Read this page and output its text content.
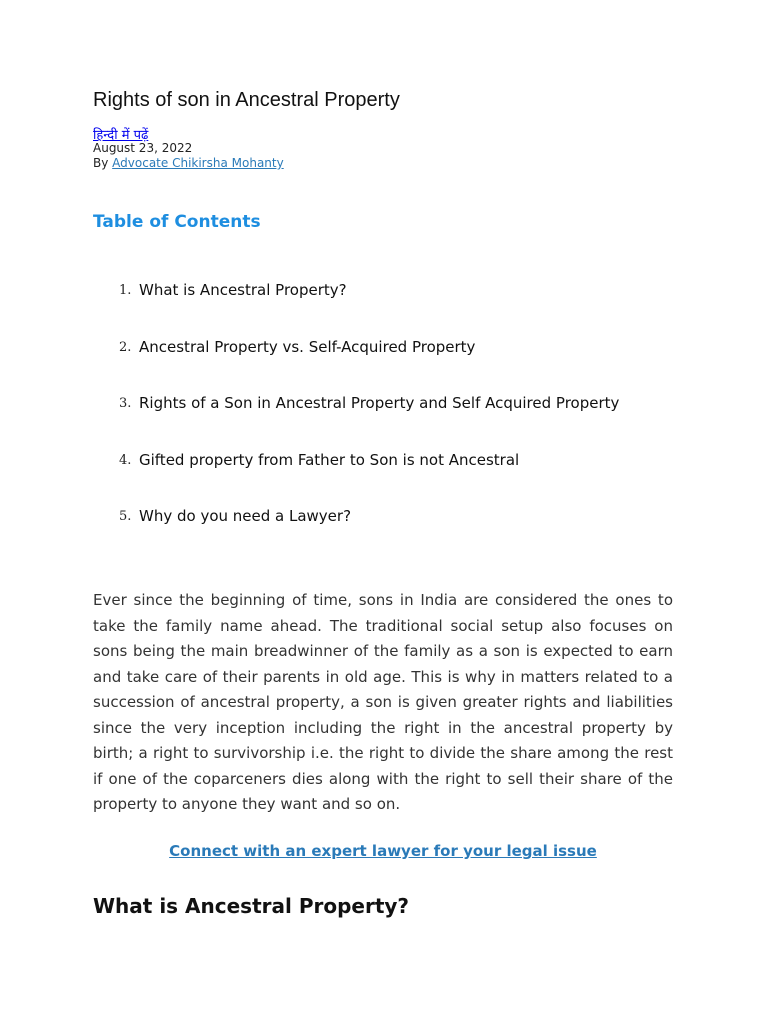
Rights of son in Ancestral Property
हिन्दी में पढ़ें
August 23, 2022
By Advocate Chikirsha Mohanty
Table of Contents
1. What is Ancestral Property?
2. Ancestral Property vs. Self-Acquired Property
3. Rights of a Son in Ancestral Property and Self Acquired Property
4. Gifted property from Father to Son is not Ancestral
5. Why do you need a Lawyer?

Ever since the beginning of time, sons in India are considered the ones to take the family name ahead. The traditional social setup also focuses on sons being the main breadwinner of the family as a son is expected to earn and take care of their parents in old age. This is why in matters related to a succession of ancestral property, a son is given greater rights and liabilities since the very inception including the right in the ancestral property by birth; a right to survivorship i.e. the right to divide the share among the rest if one of the coparceners dies along with the right to sell their share of the property to anyone they want and so on.

Connect with an expert lawyer for your legal issue
What is Ancestral Property?
